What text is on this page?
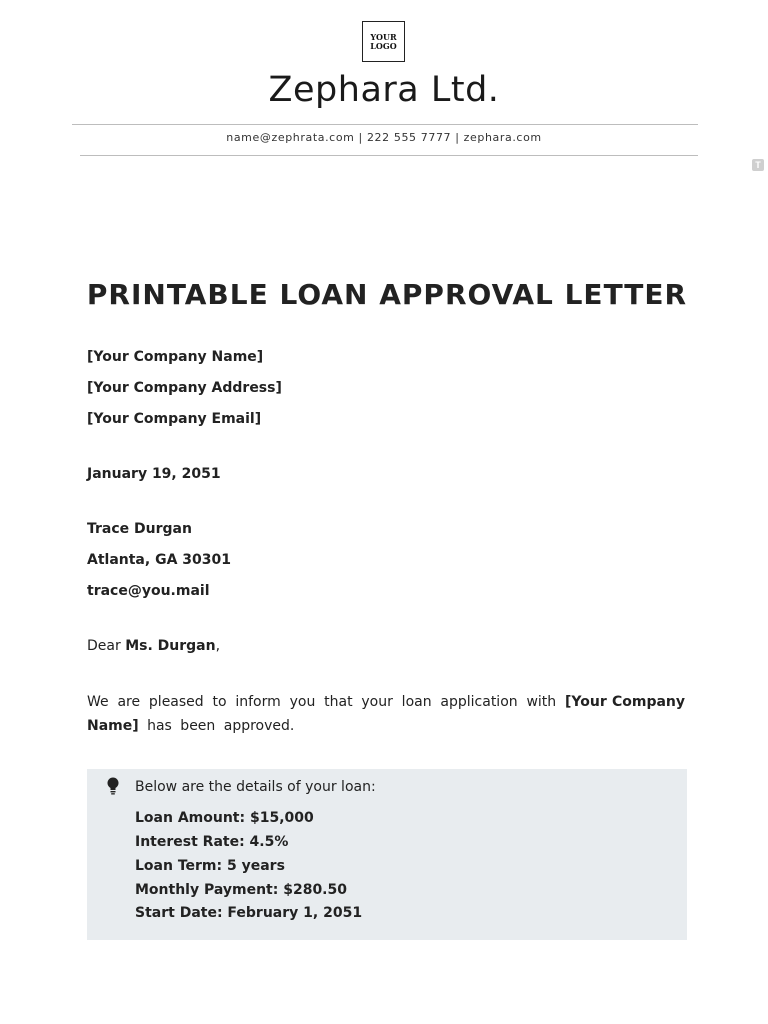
YOUR
LOGO
Zephara Ltd.
name@zephrata.com | 222 555 7777 | zephara.com
T
PRINTABLE LOAN APPROVAL LETTER
[Your Company Name]
[Your Company Address]
[Your Company Email]
January 19, 2051
Trace Durgan
Atlanta, GA 30301
trace@you.mail
Dear Ms. Durgan,
We are pleased to inform you that your loan application with [Your Company Name] has been approved.
Below are the details of your loan:
Loan Amount: $15,000
Interest Rate: 4.5%
Loan Term: 5 years
Monthly Payment: $280.50
Start Date: February 1, 2051
